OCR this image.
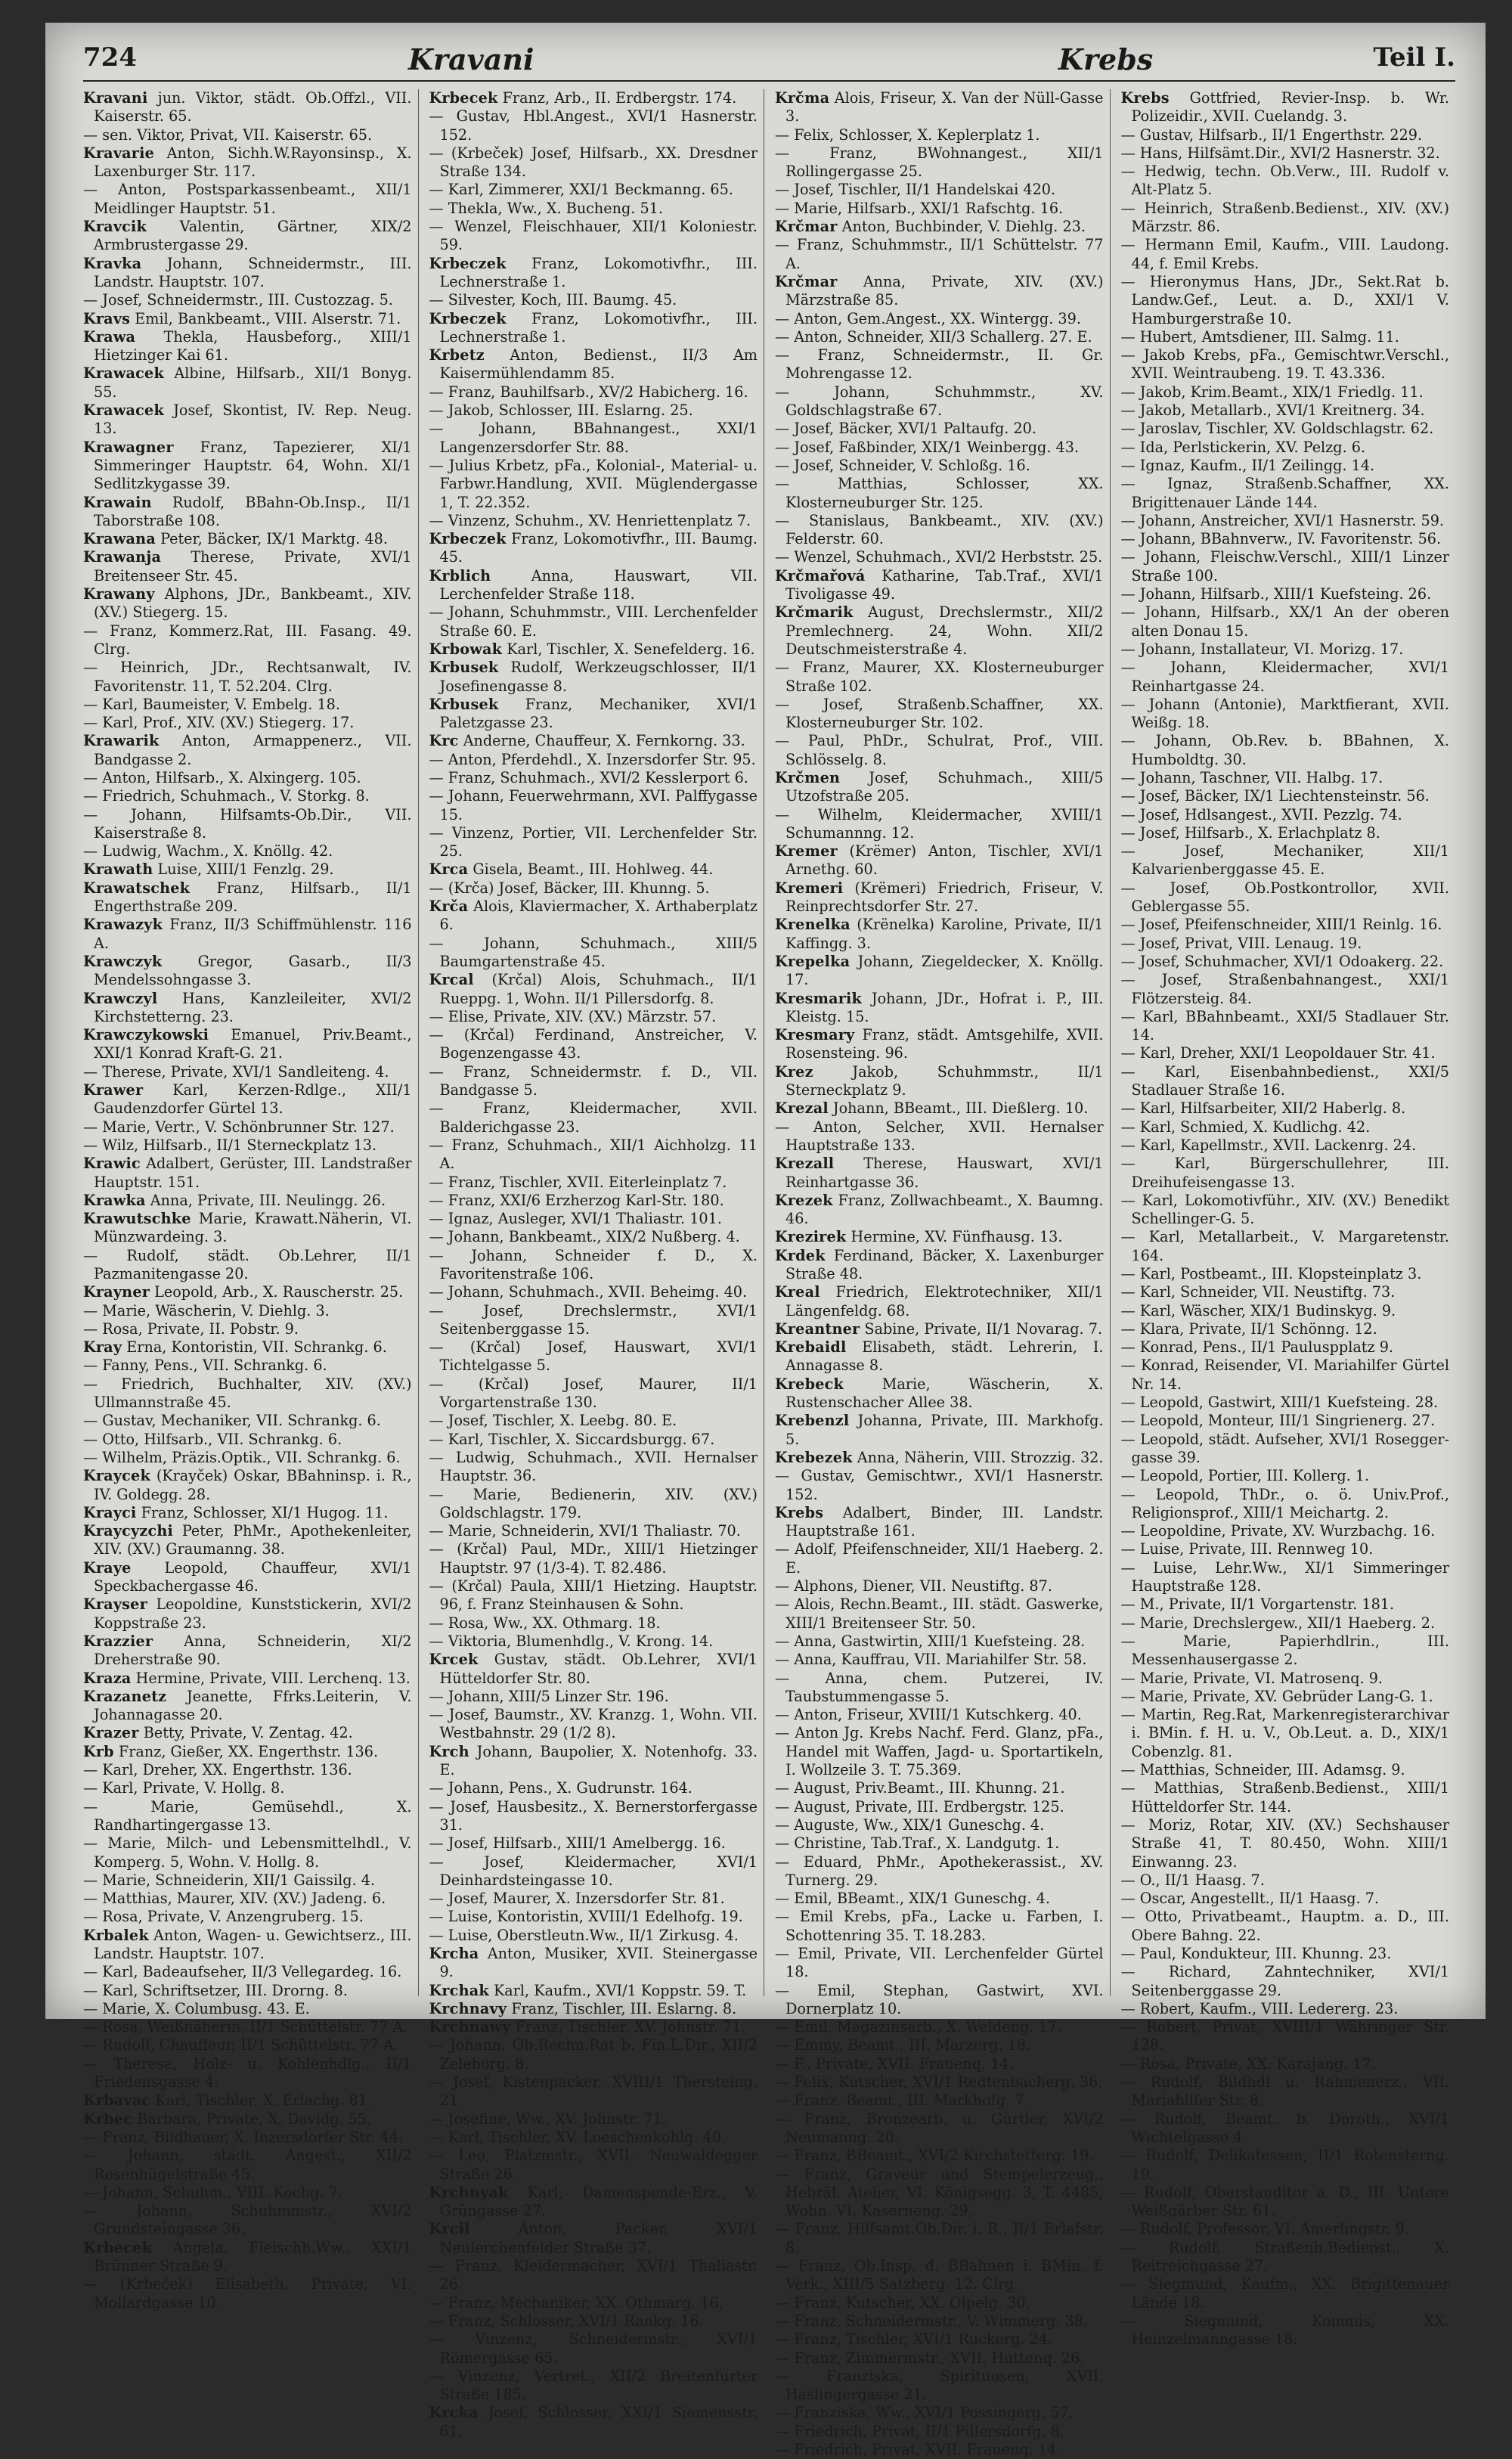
724	Kravani	Krebs	Teil I.

Kravani jun. Viktor, städt. Ob.Offzl., VII. Kaiserstr. 65.

— sen. Viktor, Privat, VII. Kaiserstr. 65.

Kravarie Anton, Sichh.W.Rayonsinsp., X. Laxenburger Str. 117.

— Anton, Postsparkassenbeamt., XII/1 Meidlinger Hauptstr. 51.

Kravcik Valentin, Gärtner, XIX/2 Armbrustergasse 29.

Kravka Johann, Schneidermstr., III. Landstr. Hauptstr. 107.

— Josef, Schneidermstr., III. Custozzag. 5.

Kravs Emil, Bankbeamt., VIII. Alserstr. 71.

Krawa Thekla, Hausbeforg., XIII/1 Hietzinger Kai 61.

Krawacek Albine, Hilfsarb., XII/1 Bonyg. 55.

Krawacek Josef, Skontist, IV. Rep. Neug. 13.

Krawagner Franz, Tapezierer, XI/1 Simmeringer Hauptstr. 64, Wohn. XI/1 Sedlitzkygasse 39.

Krawain Rudolf, BBahn-Ob.Insp., II/1 Taborstraße 108.

Krawana Peter, Bäcker, IX/1 Marktg. 48.

Krawanja Therese, Private, XVI/1 Breitenseer Str. 45.

Krawany Alphons, JDr., Bankbeamt., XIV. (XV.) Stiegerg. 15.

— Franz, Kommerz.Rat, III. Fasang. 49. Clrg.

— Heinrich, JDr., Rechtsanwalt, IV. Favoritenstr. 11, T. 52.204. Clrg.

— Karl, Baumeister, V. Embelg. 18.

— Karl, Prof., XIV. (XV.) Stiegerg. 17.

Krawarik Anton, Armappenerz., VII. Bandgasse 2.

— Anton, Hilfsarb., X. Alxingerg. 105.

— Friedrich, Schuhmach., V. Storkg. 8.

— Johann, Hilfsamts-Ob.Dir., VII. Kaiserstraße 8.

— Ludwig, Wachm., X. Knöllg. 42.

Krawath Luise, XIII/1 Fenzlg. 29.

Krawatschek Franz, Hilfsarb., II/1 Engerthstraße 209.

Krawazyk Franz, II/3 Schiffmühlenstr. 116 A.

Krawczyk Gregor, Gasarb., II/3 Mendelssohngasse 3.

Krawczyl Hans, Kanzleileiter, XVI/2 Kirchstetterng. 23.

Krawczykowski Emanuel, Priv.Beamt., XXI/1 Konrad Kraft-G. 21.

— Therese, Private, XVI/1 Sandleiteng. 4.

Krawer Karl, Kerzen-Rdlge., XII/1 Gaudenzdorfer Gürtel 13.

— Marie, Vertr., V. Schönbrunner Str. 127.

— Wilz, Hilfsarb., II/1 Sterneckplatz 13.

Krawic Adalbert, Gerüster, III. Landstraßer Hauptstr. 151.

Krawka Anna, Private, III. Neulingg. 26.

Krawutschke Marie, Krawatt.Näherin, VI. Münzwardeing. 3.

— Rudolf, städt. Ob.Lehrer, II/1 Pazmanitengasse 20.

Krayner Leopold, Arb., X. Rauscherstr. 25.

— Marie, Wäscherin, V. Diehlg. 3.

— Rosa, Private, II. Pobstr. 9.

Kray Erna, Kontoristin, VII. Schrankg. 6.

— Fanny, Pens., VII. Schrankg. 6.

— Friedrich, Buchhalter, XIV. (XV.) Ullmannstraße 45.

— Gustav, Mechaniker, VII. Schrankg. 6.

— Otto, Hilfsarb., VII. Schrankg. 6.

— Wilhelm, Präzis.Optik., VII. Schrankg. 6.

Kraycek (Krayček) Oskar, BBahninsp. i. R., IV. Goldegg. 28.

Krayci Franz, Schlosser, XI/1 Hugog. 11.

Kraycyzchi Peter, PhMr., Apothekenleiter, XIV. (XV.) Graumanng. 38.

Kraye Leopold, Chauffeur, XVI/1 Speckbachergasse 46.

Krayser Leopoldine, Kunststickerin, XVI/2 Koppstraße 23.

Krazzier Anna, Schneiderin, XI/2 Dreherstraße 90.

Kraza Hermine, Private, VIII. Lerchenq. 13.

Krazanetz Jeanette, Ffrks.Leiterin, V. Johannagasse 20.

Krazer Betty, Private, V. Zentag. 42.

Krb Franz, Gießer, XX. Engerthstr. 136.

— Karl, Dreher, XX. Engerthstr. 136.

— Karl, Private, V. Hollg. 8.

— Marie, Gemüsehdl., X. Randhartingergasse 13.

— Marie, Milch- und Lebensmittelhdl., V. Komperg. 5, Wohn. V. Hollg. 8.

— Marie, Schneiderin, XII/1 Gaissilg. 4.

— Matthias, Maurer, XIV. (XV.) Jadeng. 6.

— Rosa, Private, V. Anzengruberg. 15.

Krbalek Anton, Wagen- u. Gewichtserz., III. Landstr. Hauptstr. 107.

— Karl, Badeaufseher, II/3 Vellegardeg. 16.

— Karl, Schriftsetzer, III. Drorng. 8.

— Marie, X. Columbusg. 43. E.

— Rosa, Weißnäherin, II/1 Schüttelstr. 77 A.

— Rudolf, Chauffeur, II/1 Schüttelstr. 77 A.

— Therese, Holz- u. Kohlenhdlg., II/1 Friedensgasse 4.

Krbavac Karl, Tischler, X. Erlachg. 81.

Krbec Barbara, Private, X. Davidg. 55.

— Franz, Bildhauer, X. Inzersdorfer Str. 44.

— Johann, städt. Angest., XII/2 Rosenhügelstraße 45.

— Johann, Schuhm., VIII. Kochg. 7.

— Johann, Schuhmmstr., XVI/2 Grundsteingasse 36.

Krbecek Angela, Fleischh.Ww., XXI/1 Brünner Straße 9.

— (Krbeček) Elisabeth, Private, VI. Mollardgasse 10.

Krbecek Franz, Arb., II. Erdbergstr. 174.

— Gustav, Hbl.Angest., XVI/1 Hasnerstr. 152.

— (Krbeček) Josef, Hilfsarb., XX. Dresdner Straße 134.

— Karl, Zimmerer, XXI/1 Beckmanng. 65.

— Thekla, Ww., X. Bucheng. 51.

— Wenzel, Fleischhauer, XII/1 Koloniestr. 59.

Krbeczek Franz, Lokomotivfhr., III. Lechnerstraße 1.

— Silvester, Koch, III. Baumg. 45.

Krbeczek Franz, Lokomotivfhr., III. Lechnerstraße 1.

Krbetz Anton, Bedienst., II/3 Am Kaisermühlendamm 85.

— Franz, Bauhilfsarb., XV/2 Habicherg. 16.

— Jakob, Schlosser, III. Eslarng. 25.

— Johann, BBahnangest., XXI/1 Langenzersdorfer Str. 88.

— Julius Krbetz, pFa., Kolonial-, Material- u. Farbwr.Handlung, XVII. Müglendergasse 1, T. 22.352.

— Vinzenz, Schuhm., XV. Henriettenplatz 7.

Krbeczek Franz, Lokomotivfhr., III. Baumg. 45.

Krblich	Anna, Hauswart, VII. Lerchenfelder Straße 118.

— Johann, Schuhmmstr., VIII. Lerchenfelder Straße 60. E.

Krbowak Karl, Tischler, X. Senefelderg. 16.

Krbusek Rudolf, Werkzeugschlosser, II/1 Josefinengasse 8.

Krbusek Franz, Mechaniker, XVI/1 Paletzgasse 23.

Krc Anderne, Chauffeur, X. Fernkorng. 33.

— Anton, Pferdehdl., X. Inzersdorfer Str. 95.

— Franz, Schuhmach., XVI/2 Kesslerport 6.

— Johann, Feuerwehrmann, XVI. Palffygasse 15.

— Vinzenz, Portier, VII. Lerchenfelder Str. 25.

Krca Gisela, Beamt., III. Hohlweg. 44.

— (Krča) Josef, Bäcker, III. Khunng. 5.

Krča Alois, Klaviermacher, X. Arthaberplatz 6.

— Johann, Schuhmach., XIII/5 Baumgartenstraße 45.

Krcal (Krčal) Alois, Schuhmach., II/1 Rueppg. 1, Wohn. II/1 Pillersdorfg. 8.

— Elise, Private, XIV. (XV.) Märzstr. 57.

— (Krčal) Ferdinand, Anstreicher, V. Bogenzengasse 43.

— Franz, Schneidermstr. f. D., VII. Bandgasse 5.

— Franz, Kleidermacher, XVII. Balderichgasse 23.

— Franz, Schuhmach., XII/1 Aichholzg. 11 A.

— Franz, Tischler, XVII. Eiterleinplatz 7.

— Franz, XXI/6 Erzherzog Karl-Str. 180.

— Ignaz, Ausleger, XVI/1 Thaliastr. 101.

— Johann, Bankbeamt., XIX/2 Nußberg. 4.

— Johann, Schneider f. D., X. Favoritenstraße 106.

— Johann, Schuhmach., XVII. Beheimg. 40.

— Josef, Drechslermstr., XVI/1 Seitenberggasse 15.

— (Krčal) Josef, Hauswart, XVI/1 Tichtelgasse 5.

— (Krčal) Josef, Maurer, II/1 Vorgartenstraße 130.

— Josef, Tischler, X. Leebg. 80. E.

— Karl, Tischler, X. Siccardsburgg. 67.

— Ludwig, Schuhmach., XVII. Hernalser Hauptstr. 36.

— Marie, Bedienerin, XIV. (XV.) Goldschlagstr. 179.

— Marie, Schneiderin, XVI/1 Thaliastr. 70.

— (Krčal) Paul, MDr., XIII/1 Hietzinger Hauptstr. 97 (1/3-4). T. 82.486.

— (Krčal) Paula, XIII/1 Hietzing. Hauptstr. 96, f. Franz Steinhausen & Sohn.

— Rosa, Ww., XX. Othmarg. 18.

— Viktoria, Blumenhdlg., V. Krong. 14.

Krcek Gustav, städt. Ob.Lehrer, XVI/1 Hütteldorfer Str. 80.

— Johann, XIII/5 Linzer Str. 196.

— Josef, Baumstr., XV. Kranzg. 1, Wohn. VII. Westbahnstr. 29 (1/2 8).

Krch Johann, Baupolier, X. Notenhofg. 33. E.

— Johann, Pens., X. Gudrunstr. 164.

— Josef, Hausbesitz., X. Bernerstorfergasse 31.

— Josef, Hilfsarb., XIII/1 Amelbergg. 16.

— Josef, Kleidermacher, XVI/1 Deinhardsteingasse 10.

— Josef, Maurer, X. Inzersdorfer Str. 81.

— Luise, Kontoristin, XVIII/1 Edelhofg. 19.

— Luise, Oberstleutn.Ww., II/1 Zirkusg. 4.

Krcha Anton, Musiker, XVII. Steinergasse 9.

Krchak Karl, Kaufm., XVI/1 Koppstr. 59. T.

Krchnavy Franz, Tischler, III. Eslarng. 8.

Krchnawy Franz, Tischler, XV. Johnstr. 71.

— Johann, Ob.Rechn.Rat b. Fin.L.Dir., XII/2 Zeleborg. 8.

— Josef, Kistenpacker, XVIII/1 Thersteing. 21.

— Josefine, Ww., XV. Johnstr. 71.

— Karl, Tischler, XV. Loeschenkohlg. 40.

— Leo, Platzmstr., XVII. Neuwaldegger Straße 26.

Krchnyak Karl, Damenspende-Erz., V. Grüngasse 27.

Krcil	Anton, Packer, XVI/1 Neulerchenfelder Straße 37.

— Franz, Kleidermacher, XVI/1 Thaliastr. 26.

— Franz, Mechaniker, XX. Othmarg. 16.

— Franz, Schlosser, XVI/1 Rankg. 16.

— Vinzenz, Schneidermstr., XVI/1 Römergasse 65.

— Vinzenz, Vertret., XII/2 Breitenfurter Straße 185.

Krcka Josef, Schlosser, XXI/1 Siemensstr. 61.

Krčma Alois, Friseur, X. Van der Nüll-Gasse 3.

— Felix, Schlosser, X. Keplerplatz 1.

— Franz, BWohnangest., XII/1 Rollingergasse 25.

— Josef, Tischler, II/1 Handelskai 420.

— Marie, Hilfsarb., XXI/1 Rafschtg. 16.

Krčmar Anton, Buchbinder, V. Diehlg. 23.

— Franz, Schuhmmstr., II/1 Schüttelstr. 77 A.

Krčmar Anna, Private, XIV. (XV.) Märzstraße 85.

— Anton, Gem.Angest., XX. Wintergg. 39.

— Anton, Schneider, XII/3 Schallerg. 27. E.

— Franz, Schneidermstr., II. Gr. Mohrengasse 12.

— Johann, Schuhmmstr., XV. Goldschlagstraße 67.

— Josef, Bäcker, XVI/1 Paltaufg. 20.

— Josef, Faßbinder, XIX/1 Weinbergg. 43.

— Josef, Schneider, V. Schloßg. 16.

— Matthias, Schlosser, XX. Klosterneuburger Str. 125.

— Stanislaus, Bankbeamt., XIV. (XV.) Felderstr. 60.

— Wenzel, Schuhmach., XVI/2 Herbststr. 25.

Krčmařová Katharine, Tab.Traf., XVI/1 Tivoligasse 49.

Krčmarik August, Drechslermstr., XII/2 Premlechnerg. 24, Wohn. XII/2 Deutschmeisterstraße 4.

— Franz, Maurer, XX. Klosterneuburger Straße 102.

— Josef, Straßenb.Schaffner, XX. Klosterneuburger Str. 102.

— Paul, PhDr., Schulrat, Prof., VIII. Schlösselg. 8.

Krčmen Josef, Schuhmach., XIII/5 Utzofstraße 205.

— Wilhelm, Kleidermacher, XVIII/1 Schumannng. 12.

Kremer (Krëmer) Anton, Tischler, XVI/1 Arnethg. 60.

Kremeri (Krëmeri) Friedrich, Friseur, V. Reinprechtsdorfer Str. 27.

Krenelka (Krënelka) Karoline, Private, II/1 Kaffingg. 3.

Krepelka Johann, Ziegeldecker, X. Knöllg. 17.

Kresmarik Johann, JDr., Hofrat i. P., III. Kleistg. 15.

Kresmary Franz, städt. Amtsgehilfe, XVII. Rosensteing. 96.

Krez	Jakob, Schuhmmstr., II/1 Sterneckplatz 9.

Krezal Johann, BBeamt., III. Dießlerg. 10.

— Anton, Selcher, XVII. Hernalser Hauptstraße 133.

Krezall Therese, Hauswart, XVI/1 Reinhartgasse 36.

Krezek Franz, Zollwachbeamt., X. Baumng. 46.

Krezirek Hermine, XV. Fünfhausg. 13.

Krdek Ferdinand, Bäcker, X. Laxenburger Straße 48.

Kreal Friedrich, Elektrotechniker, XII/1 Längenfeldg. 68.

Kreantner Sabine, Private, II/1 Novarag. 7.

Krebaidl Elisabeth, städt. Lehrerin, I. Annagasse 8.

Krebeck	Marie, Wäscherin, X. Rustenschacher Allee 38.

Krebenzl Johanna, Private, III. Markhofg. 5.

Krebezek Anna, Näherin, VIII. Strozzig. 32.

— Gustav, Gemischtwr., XVI/1 Hasnerstr. 152.

Krebs Adalbert, Binder, III. Landstr. Hauptstraße 161.

— Adolf, Pfeifenschneider, XII/1 Haeberg. 2. E.

— Alphons, Diener, VII. Neustiftg. 87.

— Alois, Rechn.Beamt., III. städt. Gaswerke, XIII/1 Breitenseer Str. 50.

— Anna, Gastwirtin, XIII/1 Kuefsteing. 28.

— Anna, Kauffrau, VII. Mariahilfer Str. 58.

— Anna, chem. Putzerei, IV. Taubstummengasse 5.

— Anton, Friseur, XVIII/1 Kutschkerg. 40.

— Anton Jg. Krebs Nachf. Ferd. Glanz, pFa., Handel mit Waffen, Jagd- u. Sportartikeln, I. Wollzeile 3. T. 75.369.

— August, Priv.Beamt., III. Khunng. 21.

— August, Private, III. Erdbergstr. 125.

— Auguste, Ww., XIX/1 Guneschg. 4.

— Christine, Tab.Traf., X. Landgutg. 1.

— Eduard, PhMr., Apothekerassist., XV. Turnerg. 29.

— Emil, BBeamt., XIX/1 Guneschg. 4.

— Emil Krebs, pFa., Lacke u. Farben, I. Schottenring 35. T. 18.283.

— Emil, Private, VII. Lerchenfelder Gürtel 18.

— Emil, Stephan, Gastwirt, XVI. Dornerplatz 10.

— Emil, Magazinsarb., X. Weldeng. 17.

— Emmy, Beamt., III. Marzerg. 18.

— F., Private, XVII. Frauenq. 14.

— Felix, Kutscher, XVI/1 Redtenbacherg. 36.

— Franz, Beamt., III. Markhofg. 7.

— Franz, Bronzearb. u. Gürtler, XVI/2 Neumanng. 20.

— Franz, BBeamt., XVI/2 Kirchstetterg. 19.

— Franz, Graveur und Stempelerzeug., Hebräl. Atelier, VI. Königsegg. 3, T. 4485, Wohn. VI. Kaserneng. 29.

— Franz, Hilfsamt.Ob.Dir. i. R., II/1 Erlafstr. 8.

— Franz, Ob.Insp. d. BBahnen i. BMin. f. Verk., XIII/5 Satzberg. 12. Clrg.

— Franz, Kutscher, XX. Olpelg. 30.

— Franz, Schneidermstr., V. Wimmerg. 38.

— Franz, Tischler, XVI/1 Ruckerg. 24.

— Franz, Zimmermstr., XVII. Huttenq. 26.

— Franziska, Spirituosen, XVII. Haslingergasse 21.

— Franziska, Ww., XVI/1 Possingerg. 57.

— Friedrich, Privat, II/1 Pillersdorfg. 8.

— Friedrich, Privat, XVII. Frauenq. 14.

Krebs Gottfried, Revier-Insp. b. Wr. Polizeidir., XVII. Cuelandg. 3.

— Gustav, Hilfsarb., II/1 Engerthstr. 229.

— Hans, Hilfsämt.Dir., XVI/2 Hasnerstr. 32.

— Hedwig, techn. Ob.Verw., III. Rudolf v. Alt-Platz 5.

— Heinrich, Straßenb.Bedienst., XIV. (XV.) Märzstr. 86.

— Hermann Emil, Kaufm., VIII. Laudong. 44, f. Emil Krebs.

— Hieronymus Hans, JDr., Sekt.Rat b. Landw.Gef., Leut. a. D., XXI/1 V. Hamburgerstraße 10.

— Hubert, Amtsdiener, III. Salmg. 11.

— Jakob Krebs, pFa., Gemischtwr.Verschl., XVII. Weintraubeng. 19. T. 43.336.

— Jakob, Krim.Beamt., XIX/1 Friedlg. 11.

— Jakob, Metallarb., XVI/1 Kreitnerg. 34.

— Jaroslav, Tischler, XV. Goldschlagstr. 62.

— Ida, Perlstickerin, XV. Pelzg. 6.

— Ignaz, Kaufm., II/1 Zeilingg. 14.

— Ignaz, Straßenb.Schaffner, XX. Brigittenauer Lände 144.

— Johann, Anstreicher, XVI/1 Hasnerstr. 59.

— Johann, BBahnverw., IV. Favoritenstr. 56.

— Johann, Fleischw.Verschl., XIII/1 Linzer Straße 100.

— Johann, Hilfsarb., XIII/1 Kuefsteing. 26.

— Johann, Hilfsarb., XX/1 An der oberen alten Donau 15.

— Johann, Installateur, VI. Morizg. 17.

— Johann, Kleidermacher, XVI/1 Reinhartgasse 24.

— Johann (Antonie), Marktfierant, XVII. Weißg. 18.

— Johann, Ob.Rev. b. BBahnen, X. Humboldtg. 30.

— Johann, Taschner, VII. Halbg. 17.

— Josef, Bäcker, IX/1 Liechtensteinstr. 56.

— Josef, Hdlsangest., XVII. Pezzlg. 74.

— Josef, Hilfsarb., X. Erlachplatz 8.

— Josef, Mechaniker, XII/1 Kalvarienberggasse 45. E.

— Josef, Ob.Postkontrollor, XVII. Geblergasse 55.

— Josef, Pfeifenschneider, XIII/1 Reinlg. 16.

— Josef, Privat, VIII. Lenaug. 19.

— Josef, Schuhmacher, XVI/1 Odoakerg. 22.

— Josef, Straßenbahnangest., XXI/1 Flötzersteig. 84.

— Karl, BBahnbeamt., XXI/5 Stadlauer Str. 14.

— Karl, Dreher, XXI/1 Leopoldauer Str. 41.

— Karl, Eisenbahnbedienst., XXI/5 Stadlauer Straße 16.

— Karl, Hilfsarbeiter, XII/2 Haberlg. 8.

— Karl, Schmied, X. Kudlichg. 42.

— Karl, Kapellmstr., XVII. Lackenrg. 24.

— Karl, Bürgerschullehrer, III. Dreihufeisengasse 13.

— Karl, Lokomotivführ., XIV. (XV.) Benedikt Schellinger-G. 5.

— Karl, Metallarbeit., V. Margaretenstr. 164.

— Karl, Postbeamt., III. Klopsteinplatz 3.

— Karl, Schneider, VII. Neustiftg. 73.

— Karl, Wäscher, XIX/1 Budinskyg. 9.

— Klara, Private, II/1 Schönng. 12.

— Konrad, Pens., II/1 Pauluspplatz 9.

— Konrad, Reisender, VI. Mariahilfer Gürtel Nr. 14.

— Leopold, Gastwirt, XIII/1 Kuefsteing. 28.

— Leopold, Monteur, III/1 Singrienerg. 27.

— Leopold, städt. Aufseher, XVI/1 Rosegger-gasse 39.

— Leopold, Portier, III. Kollerg. 1.

— Leopold, ThDr., o. ö. Univ.Prof., Religionsprof., XIII/1 Meichartg. 2.

— Leopoldine, Private, XV. Wurzbachg. 16.

— Luise, Private, III. Rennweg 10.

— Luise, Lehr.Ww., XI/1 Simmeringer Hauptstraße 128.

— M., Private, II/1 Vorgartenstr. 181.

— Marie, Drechslergew., XII/1 Haeberg. 2.

— Marie, Papierhdlrin., III. Messenhausergasse 2.

— Marie, Private, VI. Matrosenq. 9.

— Marie, Private, XV. Gebrüder Lang-G. 1.

— Martin, Reg.Rat, Markenregisterarchivar i. BMin. f. H. u. V., Ob.Leut. a. D., XIX/1 Cobenzlg. 81.

— Matthias, Schneider, III. Adamsg. 9.

— Matthias, Straßenb.Bedienst., XIII/1 Hütteldorfer Str. 144.

— Moriz, Rotar, XIV. (XV.) Sechshauser Straße 41, T. 80.450, Wohn. XIII/1 Einwanng. 23.

— O., II/1 Haasg. 7.

— Oscar, Angestellt., II/1 Haasg. 7.

— Otto, Privatbeamt., Hauptm. a. D., III. Obere Bahng. 22.

— Paul, Kondukteur, III. Khunng. 23.

— Richard, Zahntechniker, XVI/1 Seitenberggasse 29.

— Robert, Kaufm., VIII. Ledererg. 23.

— Robert, Privat, XVIII/1 Währinger Str. 128.

— Rosa, Private, XX. Karajang. 17.

— Rudolf, Bildhdl u. Rahmenerz., VII. Mariahilfer Str. 8.

— Rudolf, Beamt. b. Doroth., XVI/1 Wichtelgasse 4.

— Rudolf, Delikatessen, II/1 Rotensterng. 19.

— Rudolf, Oberstauditor a. D., III. Untere Weißgärber Str. 61.

— Rudolf, Professor, VI. Amerlingstr. 9.

— Rudolf, Straßenb.Bedienst., X. Reitreichgasse 27.

— Siegmund, Kaufm., XX. Brigittenauer Lände 18.

— Siegmund, Kommis, XX. Heinzelmanngasse 18.
